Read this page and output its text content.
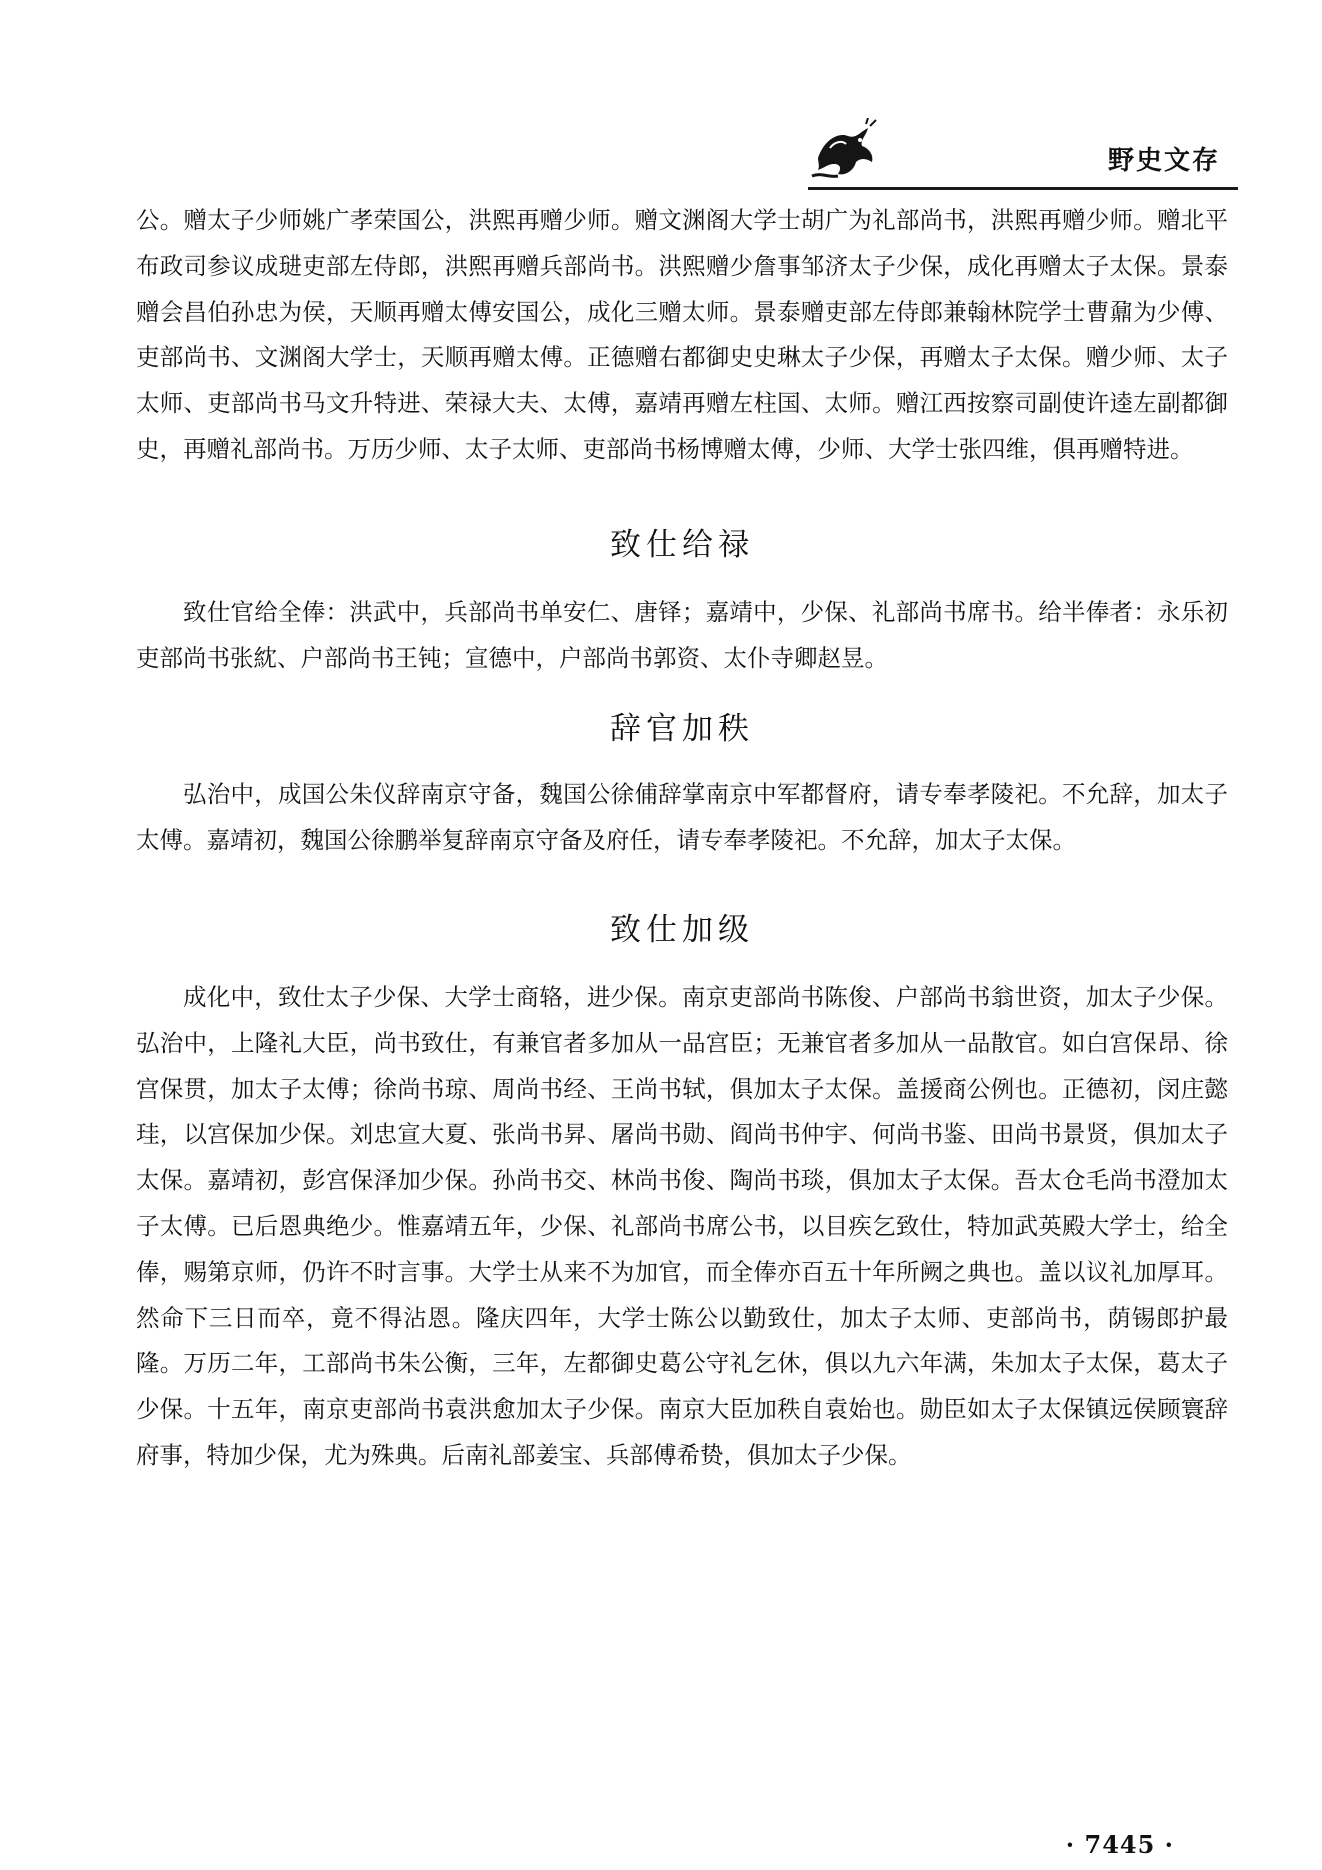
野史文存

公。赠太子少师姚广孝荣国公，洪熙再赠少师。赠文渊阁大学士胡广为礼部尚书，洪熙再赠少师。赠北平布政司参议成琎吏部左侍郎，洪熙再赠兵部尚书。洪熙赠少詹事邹济太子少保，成化再赠太子太保。景泰赠会昌伯孙忠为侯，天顺再赠太傅安国公，成化三赠太师。景泰赠吏部左侍郎兼翰林院学士曹鼐为少傅、吏部尚书、文渊阁大学士，天顺再赠太傅。正德赠右都御史史琳太子少保，再赠太子太保。赠少师、太子太师、吏部尚书马文升特进、荣禄大夫、太傅，嘉靖再赠左柱国、太师。赠江西按察司副使许逵左副都御史，再赠礼部尚书。万历少师、太子太师、吏部尚书杨博赠太傅，少师、大学士张四维，俱再赠特进。

致仕给禄

致仕官给全俸：洪武中，兵部尚书单安仁、唐铎；嘉靖中，少保、礼部尚书席书。给半俸者：永乐初吏部尚书张紞、户部尚书王钝；宣德中，户部尚书郭资、太仆寺卿赵昱。

辞官加秩

弘治中，成国公朱仪辞南京守备，魏国公徐俌辞掌南京中军都督府，请专奉孝陵祀。不允辞，加太子太傅。嘉靖初，魏国公徐鹏举复辞南京守备及府任，请专奉孝陵祀。不允辞，加太子太保。

致仕加级

成化中，致仕太子少保、大学士商辂，进少保。南京吏部尚书陈俊、户部尚书翁世资，加太子少保。弘治中，上隆礼大臣，尚书致仕，有兼官者多加从一品宫臣；无兼官者多加从一品散官。如白宫保昂、徐宫保贯，加太子太傅；徐尚书琼、周尚书经、王尚书轼，俱加太子太保。盖援商公例也。正德初，闵庄懿珪，以宫保加少保。刘忠宣大夏、张尚书昇、屠尚书勋、阎尚书仲宇、何尚书鉴、田尚书景贤，俱加太子太保。嘉靖初，彭宫保泽加少保。孙尚书交、林尚书俊、陶尚书琰，俱加太子太保。吾太仓毛尚书澄加太子太傅。已后恩典绝少。惟嘉靖五年，少保、礼部尚书席公书，以目疾乞致仕，特加武英殿大学士，给全俸，赐第京师，仍许不时言事。大学士从来不为加官，而全俸亦百五十年所阙之典也。盖以议礼加厚耳。然命下三日而卒，竟不得沾恩。隆庆四年，大学士陈公以勤致仕，加太子太师、吏部尚书，荫锡郎护最隆。万历二年，工部尚书朱公衡，三年，左都御史葛公守礼乞休，俱以九六年满，朱加太子太保，葛太子少保。十五年，南京吏部尚书袁洪愈加太子少保。南京大臣加秩自袁始也。勋臣如太子太保镇远侯顾寰辞府事，特加少保，尤为殊典。后南礼部姜宝、兵部傅希贽，俱加太子少保。

· 7445 ·
